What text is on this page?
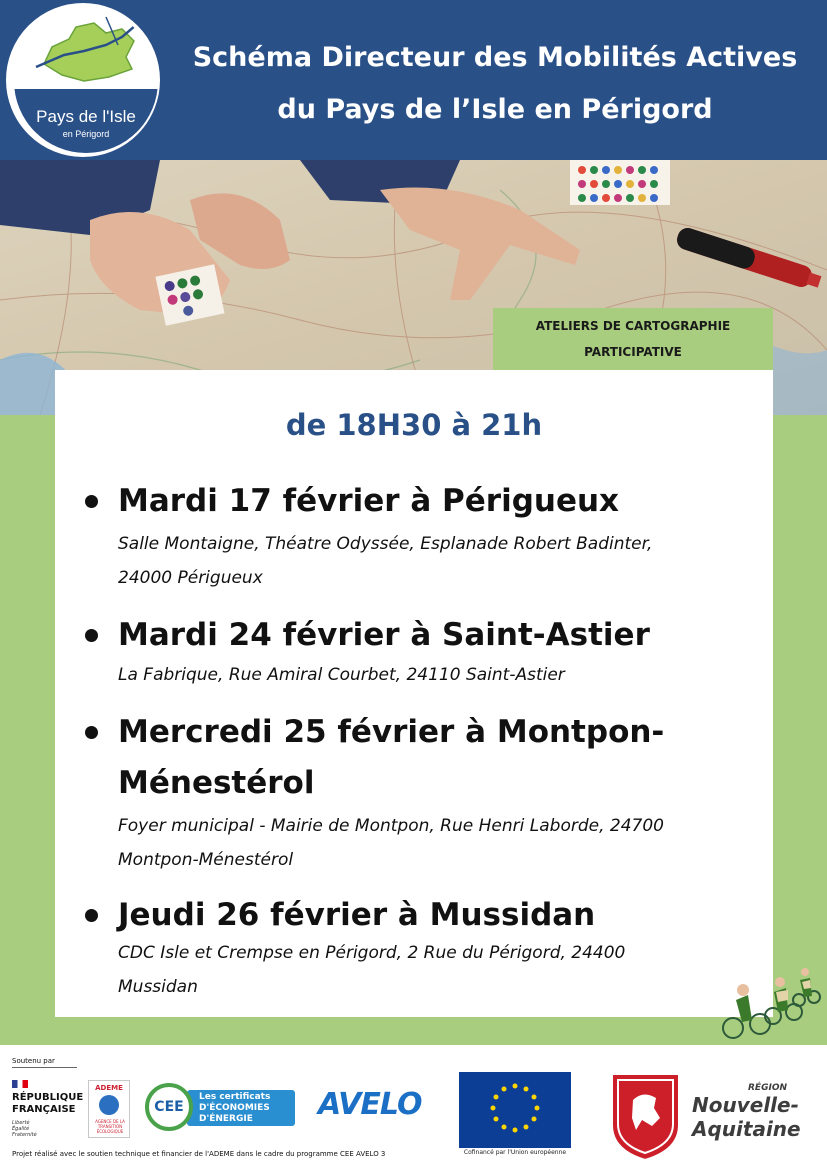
Pays de l'Isle
en Périgord
Schéma Directeur des Mobilités Actives
du Pays de l’Isle en Périgord
ATELIERS DE CARTOGRAPHIE
PARTICIPATIVE
de 18H30 à 21h
Mardi 17 février à Périgueux
Salle Montaigne, Théatre Odyssée, Esplanade Robert Badinter,
24000 Périgueux
Mardi 24 février à Saint-Astier
La Fabrique, Rue Amiral Courbet, 24110 Saint-Astier
Mercredi 25 février à Montpon-
Ménestérol
Foyer municipal - Mairie de Montpon, Rue Henri Laborde, 24700
Montpon-Ménestérol
Jeudi 26 février à Mussidan
CDC Isle et Crempse en Périgord, 2 Rue du Périgord, 24400
Mussidan
Soutenu par
RÉPUBLIQUE
FRANÇAISE
Liberté
Égalité
Fraternité
ADEME
AGENCE DE LA TRANSITION ÉCOLOGIQUE
Les certificats
D'ÉCONOMIES
D'ÉNERGIE
CEE	AVELO
Cofinancé par l'Union européenne
RÉGION
Nouvelle-
Aquitaine
Projet réalisé avec le soutien technique et financier de l'ADEME dans le cadre du programme CEE AVELO 3
